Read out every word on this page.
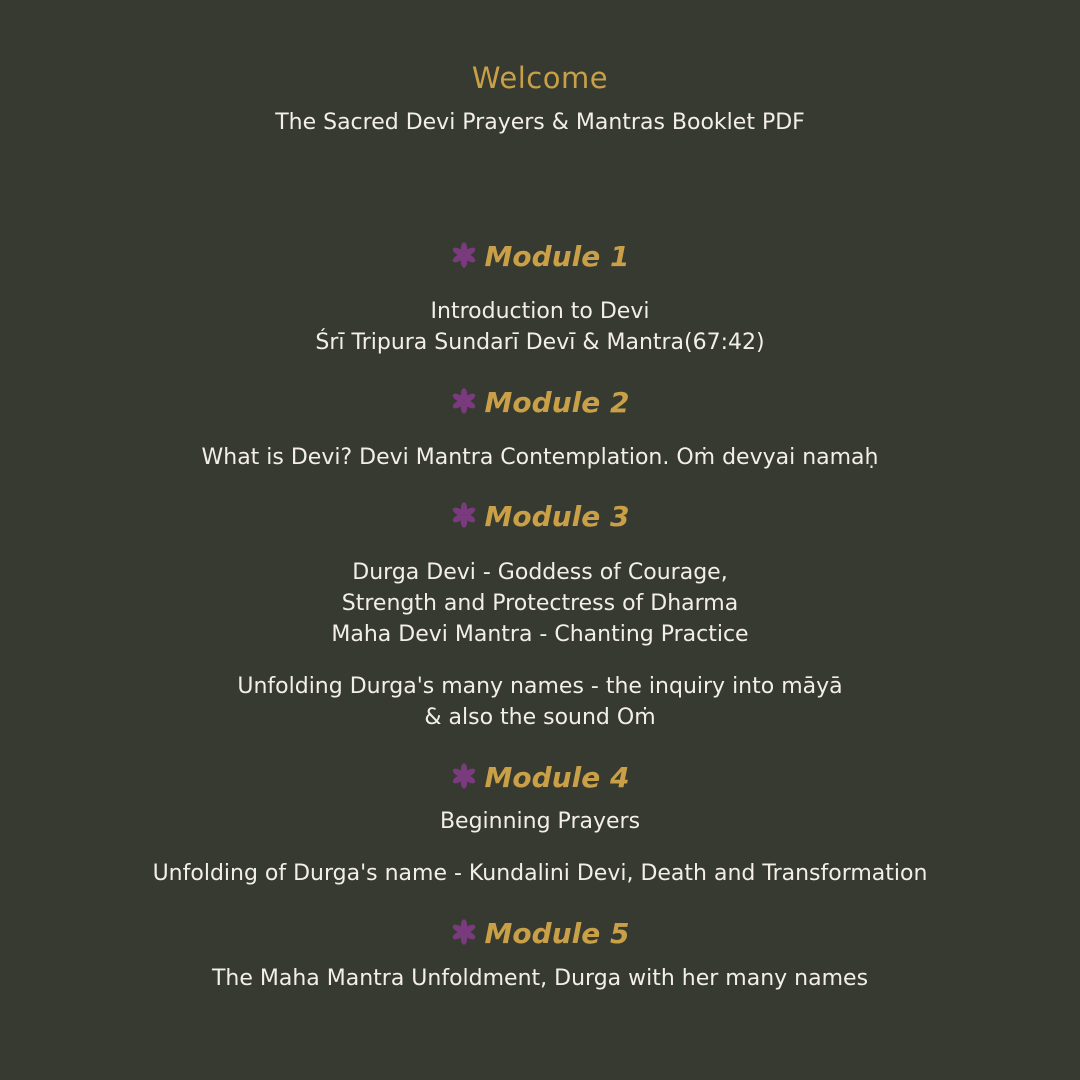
Welcome
The Sacred Devi Prayers & Mantras Booklet PDF
Module 1
Introduction to Devi
Śrī Tripura Sundarī Devī & Mantra(67:42)
Module 2
What is Devi? Devi Mantra Contemplation. Oṁ devyai namaḥ
Module 3
Durga Devi - Goddess of Courage,
Strength and Protectress of Dharma
Maha Devi Mantra - Chanting Practice
Unfolding Durga's many names - the inquiry into māyā
& also the sound Oṁ
Module 4
Beginning Prayers
Unfolding of Durga's name - Kundalini Devi, Death and Transformation
Module 5
The Maha Mantra Unfoldment, Durga with her many names
